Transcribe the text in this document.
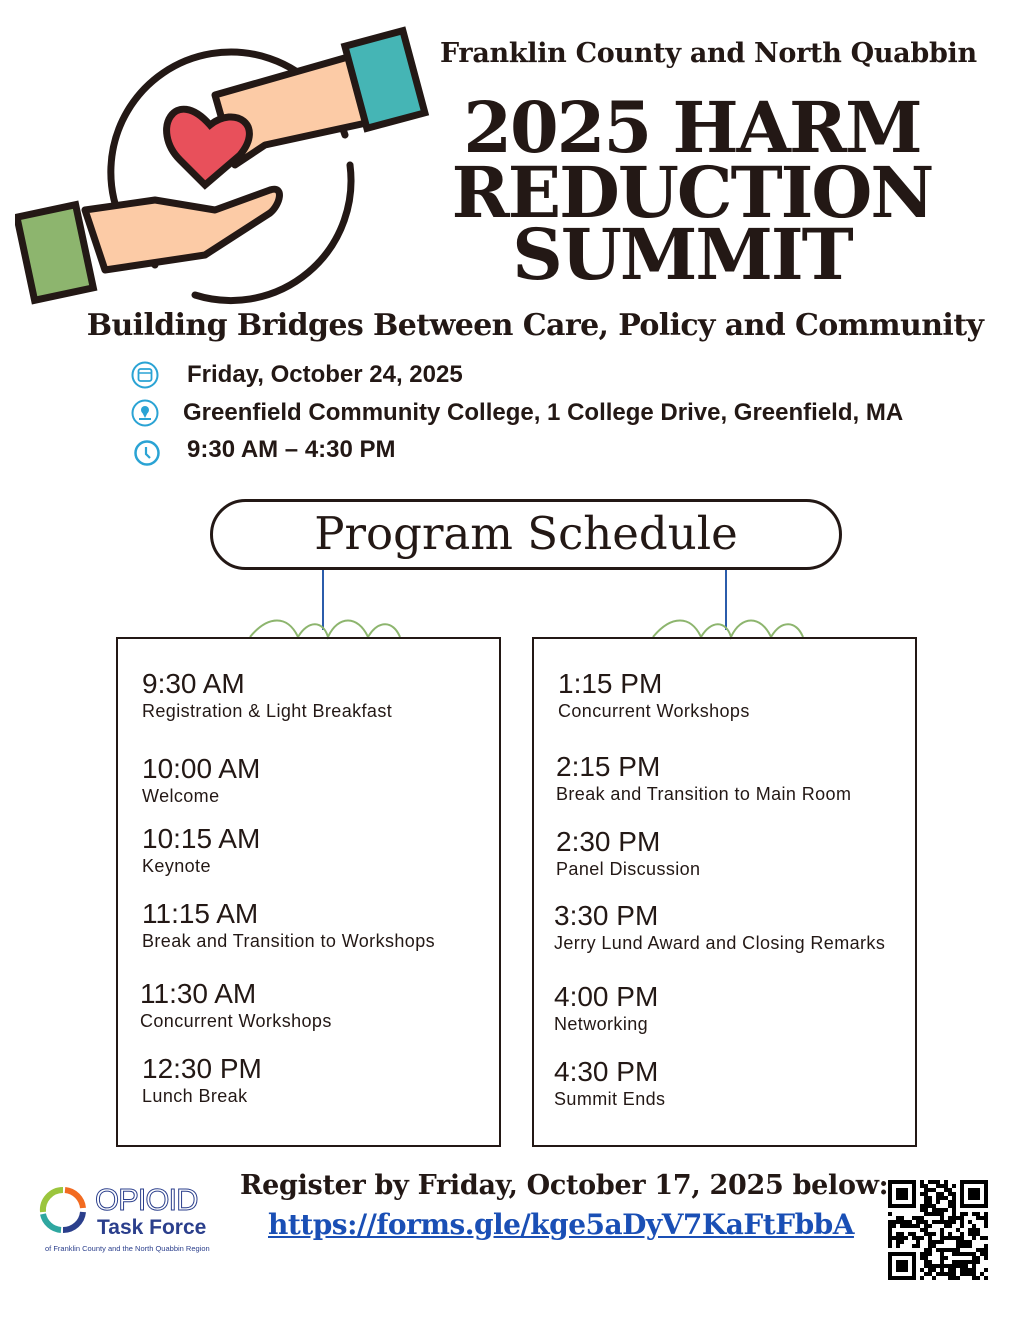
Franklin County and North Quabbin
2025 HARM
REDUCTION
SUMMIT
Building Bridges Between Care, Policy and Community
Friday, October 24, 2025
Greenfield Community College, 1 College Drive, Greenfield, MA
9:30 AM – 4:30 PM
Program Schedule
9:30 AM
Registration & Light Breakfast
10:00 AM
Welcome
10:15 AM
Keynote
11:15 AM
Break and Transition to Workshops
11:30 AM
Concurrent Workshops
12:30 PM
Lunch Break
1:15 PM
Concurrent Workshops
2:15 PM
Break and Transition to Main Room
2:30 PM
Panel Discussion
3:30 PM
Jerry Lund Award and Closing Remarks
4:00 PM
Networking
4:30 PM
Summit Ends
Register by Friday, October 17, 2025 below:
https://forms.gle/kge5aDyV7KaFtFbbA
OPIOID
Task Force
of Franklin County and the North Quabbin Region
